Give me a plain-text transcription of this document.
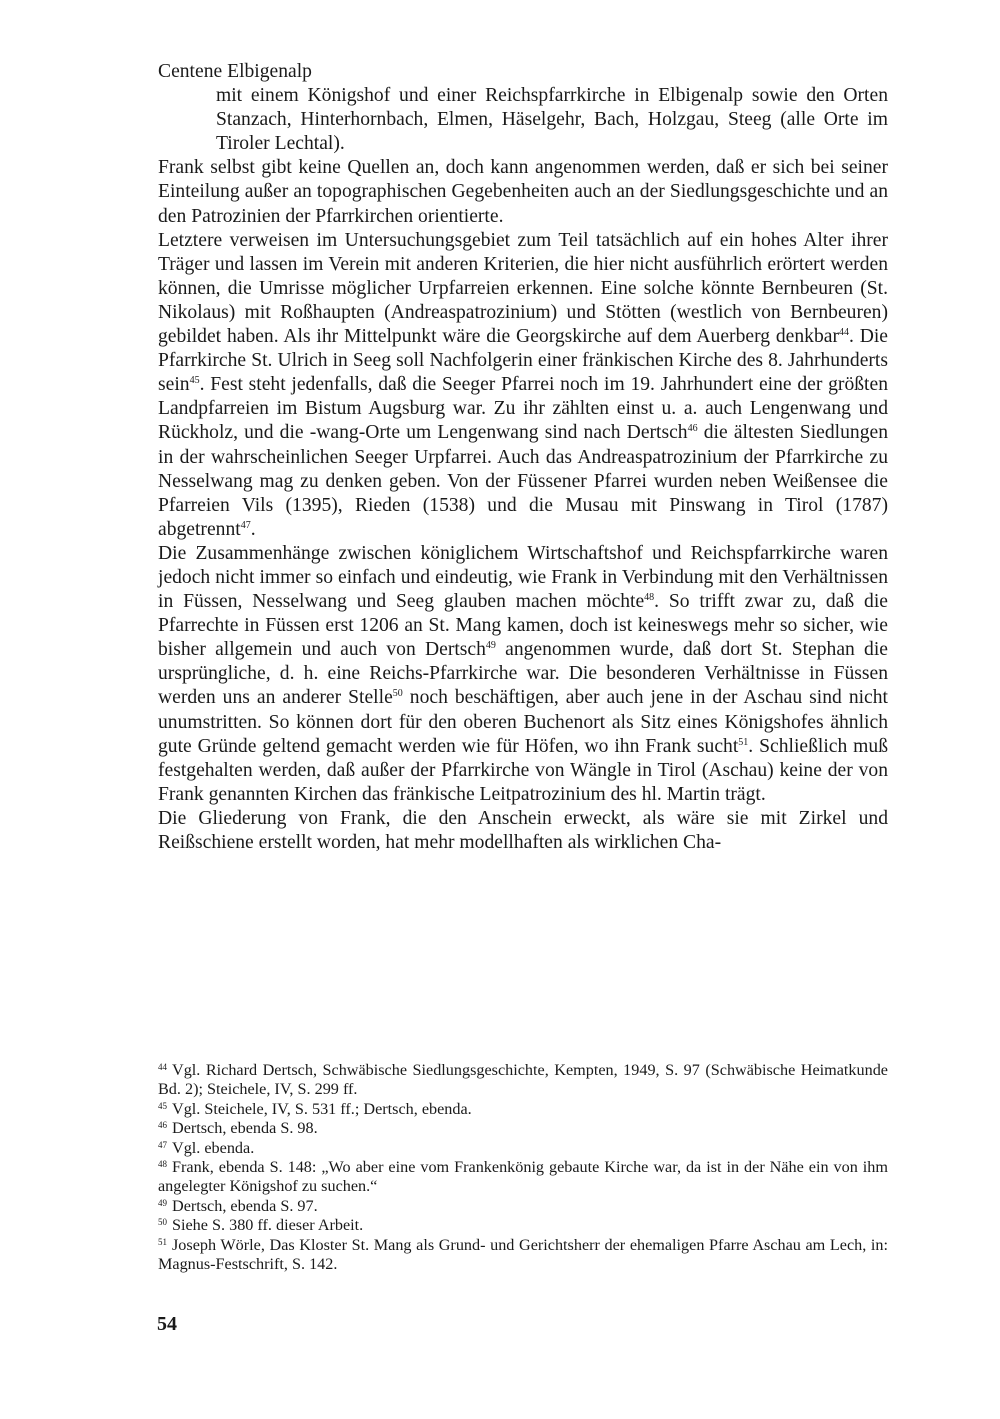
Centene Elbigenalp

mit einem Königshof und einer Reichspfarrkirche in Elbigenalp sowie den Orten Stanzach, Hinterhornbach, Elmen, Häselgehr, Bach, Holzgau, Steeg (alle Orte im Tiroler Lechtal).

Frank selbst gibt keine Quellen an, doch kann angenommen werden, daß er sich bei seiner Einteilung außer an topographischen Gegebenheiten auch an der Siedlungsgeschichte und an den Patrozinien der Pfarrkirchen orientierte.

Letztere verweisen im Untersuchungsgebiet zum Teil tatsächlich auf ein hohes Alter ihrer Träger und lassen im Verein mit anderen Kriterien, die hier nicht ausführlich erörtert werden können, die Umrisse möglicher Urpfarreien erkennen. Eine solche könnte Bernbeuren (St. Nikolaus) mit Roßhaupten (Andreaspatrozinium) und Stötten (westlich von Bernbeuren) gebildet haben. Als ihr Mittelpunkt wäre die Georgskirche auf dem Auerberg denkbar$^{44}$. Die Pfarrkirche St. Ulrich in Seeg soll Nachfolgerin einer fränkischen Kirche des 8. Jahrhunderts sein$^{45}$. Fest steht jedenfalls, daß die Seeger Pfarrei noch im 19. Jahrhundert eine der größten Landpfarreien im Bistum Augsburg war. Zu ihr zählten einst u. a. auch Lengenwang und Rückholz, und die -wang-Orte um Lengenwang sind nach Dertsch$^{46}$ die ältesten Siedlungen in der wahrscheinlichen Seeger Urpfarrei. Auch das Andreaspatrozinium der Pfarrkirche zu Nesselwang mag zu denken geben. Von der Füssener Pfarrei wurden neben Weißensee die Pfarreien Vils (1395), Rieden (1538) und die Musau mit Pinswang in Tirol (1787) abgetrennt$^{47}$.

Die Zusammenhänge zwischen königlichem Wirtschaftshof und Reichspfarrkirche waren jedoch nicht immer so einfach und eindeutig, wie Frank in Verbindung mit den Verhältnissen in Füssen, Nesselwang und Seeg glauben machen möchte$^{48}$. So trifft zwar zu, daß die Pfarrechte in Füssen erst 1206 an St. Mang kamen, doch ist keineswegs mehr so sicher, wie bisher allgemein und auch von Dertsch$^{49}$ angenommen wurde, daß dort St. Stephan die ursprüngliche, d. h. eine Reichs-Pfarrkirche war. Die besonderen Verhältnisse in Füssen werden uns an anderer Stelle$^{50}$ noch beschäftigen, aber auch jene in der Aschau sind nicht unumstritten. So können dort für den oberen Buchenort als Sitz eines Königshofes ähnlich gute Gründe geltend gemacht werden wie für Höfen, wo ihn Frank sucht$^{51}$. Schließlich muß festgehalten werden, daß außer der Pfarrkirche von Wängle in Tirol (Aschau) keine der von Frank genannten Kirchen das fränkische Leitpatrozinium des hl. Martin trägt.

Die Gliederung von Frank, die den Anschein erweckt, als wäre sie mit Zirkel und Reißschiene erstellt worden, hat mehr modellhaften als wirklichen Cha-

$^{44}$ Vgl. Richard Dertsch, Schwäbische Siedlungsgeschichte, Kempten, 1949, S. 97 (Schwäbische Heimatkunde Bd. 2); Steichele, IV, S. 299 ff.

$^{45}$ Vgl. Steichele, IV, S. 531 ff.; Dertsch, ebenda.

$^{46}$ Dertsch, ebenda S. 98.

$^{47}$ Vgl. ebenda.

$^{48}$ Frank, ebenda S. 148: „Wo aber eine vom Frankenkönig gebaute Kirche war, da ist in der Nähe ein von ihm angelegter Königshof zu suchen.“

$^{49}$ Dertsch, ebenda S. 97.

$^{50}$ Siehe S. 380 ff. dieser Arbeit.

$^{51}$ Joseph Wörle, Das Kloster St. Mang als Grund- und Gerichtsherr der ehemaligen Pfarre Aschau am Lech, in: Magnus-Festschrift, S. 142.

54
